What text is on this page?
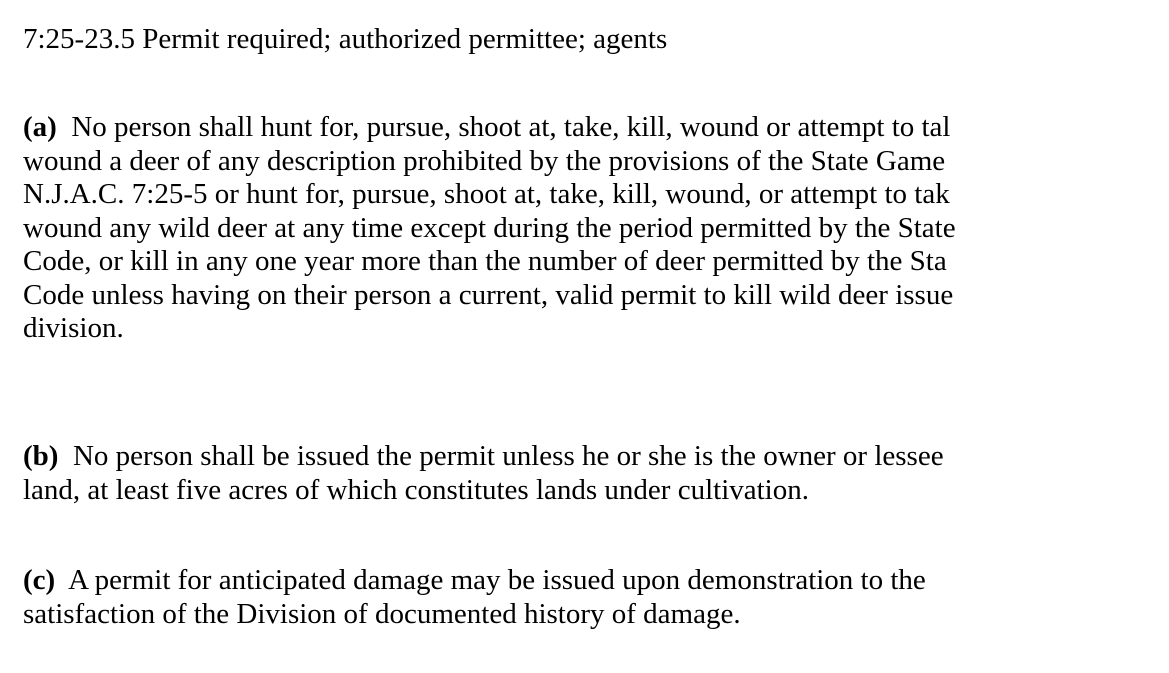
7:25-23.5 Permit required; authorized permittee; agents
(a) No person shall hunt for, pursue, shoot at, take, kill, wound or attempt to tal
wound a deer of any description prohibited by the provisions of the State Game
N.J.A.C. 7:25-5 or hunt for, pursue, shoot at, take, kill, wound, or attempt to tak
wound any wild deer at any time except during the period permitted by the State
Code, or kill in any one year more than the number of deer permitted by the Sta
Code unless having on their person a current, valid permit to kill wild deer issue
division.
(b) No person shall be issued the permit unless he or she is the owner or lessee
land, at least five acres of which constitutes lands under cultivation.
(c) A permit for anticipated damage may be issued upon demonstration to the
satisfaction of the Division of documented history of damage.
